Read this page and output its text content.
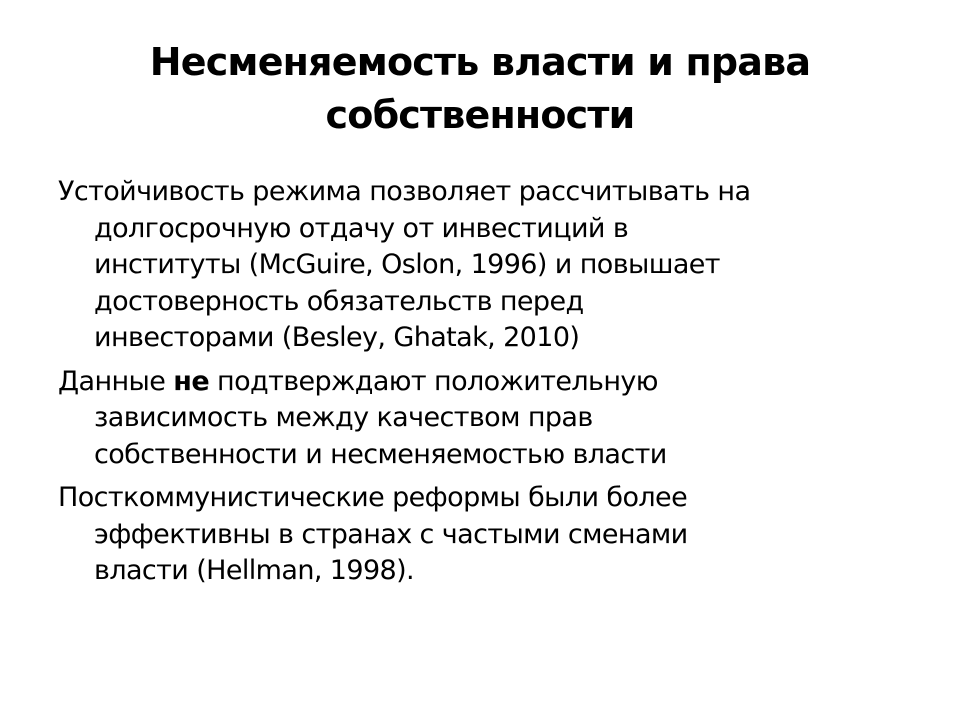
Несменяемость власти и права
собственности
Устойчивость режима позволяет рассчитывать на
долгосрочную отдачу от инвестиций в
институты (McGuire, Oslon, 1996) и повышает
достоверность обязательств перед
инвесторами (Besley, Ghatak, 2010)
Данные не подтверждают положительную
зависимость между качеством прав
собственности и несменяемостью власти
Посткоммунистические реформы были более
эффективны в странах с частыми сменами
власти (Hellman, 1998).
